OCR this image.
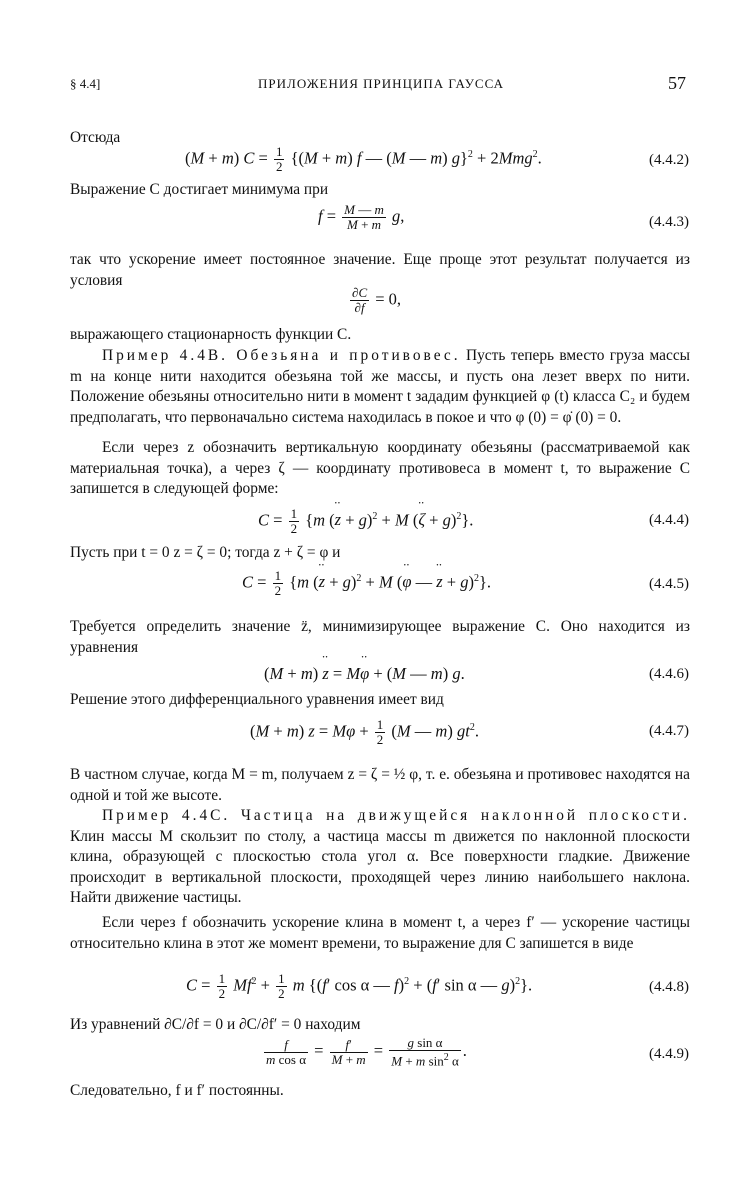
§ 4.4]	ПРИЛОЖЕНИЯ ПРИНЦИПА ГАУССА	57
Отсюда
(M + m) $C = \frac{1}{2} \{(M + m)$ f — (M — m) g}$^2$ + 2Mmg$^2$.	(4.4.2)
Выражение C достигает минимума при
$f = \frac{M — m}{M + m} g$,	(4.4.3)
так что ускорение имеет постоянное значение. Еще проще этот результат получается из условия
$\frac{\partial C}{\partial f} = 0$,
выражающего стационарность функции C.
Пример 4.4B. Обезьяна и противовес. Пусть теперь вместо груза массы m на конце нити находится обезьяна той же массы, и пусть она лезет вверх по нити. Положение обезьяны относительно нити в момент t зададим функцией φ (t) класса C₂ и будем предполагать, что первоначально система находилась в покое и что φ (0) = φ̇ (0) = 0.
Если через z обозначить вертикальную координату обезьяны (рассматриваемой как материальная точка), а через ζ — координату противовеса в момент t, то выражение C запишется в следующей форме:
$C = \frac{1}{2} \{m$ (•• z + g)$^2$ + M (•• ζ + g)$^2$}.	(4.4.4)
Пусть при t = 0 z = ζ = 0; тогда z + ζ = φ и
$C = \frac{1}{2} \{m$ (•• z + g)$^2$ + M (•• φ — •• z + g)$^2$}.	(4.4.5)
Требуется определить значение z̈, минимизирующее выражение C. Оно находится из уравнения
(M + m) •• z = M•• φ + (M — m) g.	(4.4.6)
Решение этого дифференциального уравнения имеет вид
(M + m) $z = M\varphi + \frac{1}{2} (M$ — m) $gt^2$.	(4.4.7)
В частном случае, когда M = m, получаем z = ζ = ½ φ, т. е. обезьяна и противовес находятся на одной и той же высоте.
Пример 4.4C. Частица на движущейся наклонной плоскости. Клин массы M скользит по столу, а частица массы m движется по наклонной плоскости клина, образующей с плоскостью стола угол α. Все поверхности гладкие. Движение происходит в вертикальной плоскости, проходящей через линию наибольшего наклона. Найти движение частицы.
Если через f обозначить ускорение клина в момент t, а через f′ — ускорение частицы относительно клина в этот же момент времени, то выражение для C запишется в виде
$C = \frac{1}{2} Mf^2 + \frac{1}{2}$ m {(f′ cos α — f)$^2$ + (f′ sin α — g)$^2$}.	(4.4.8)
Из уравнений ∂C/∂f = 0 и ∂C/∂f′ = 0 находим
$\frac{f}{\text{m cos α}} = \frac{f'}{M + m} = \frac{\text{g sin α}}{M + m \sin^2 \alpha}$ .	(4.4.9)
Следовательно, f и f′ постоянны.
